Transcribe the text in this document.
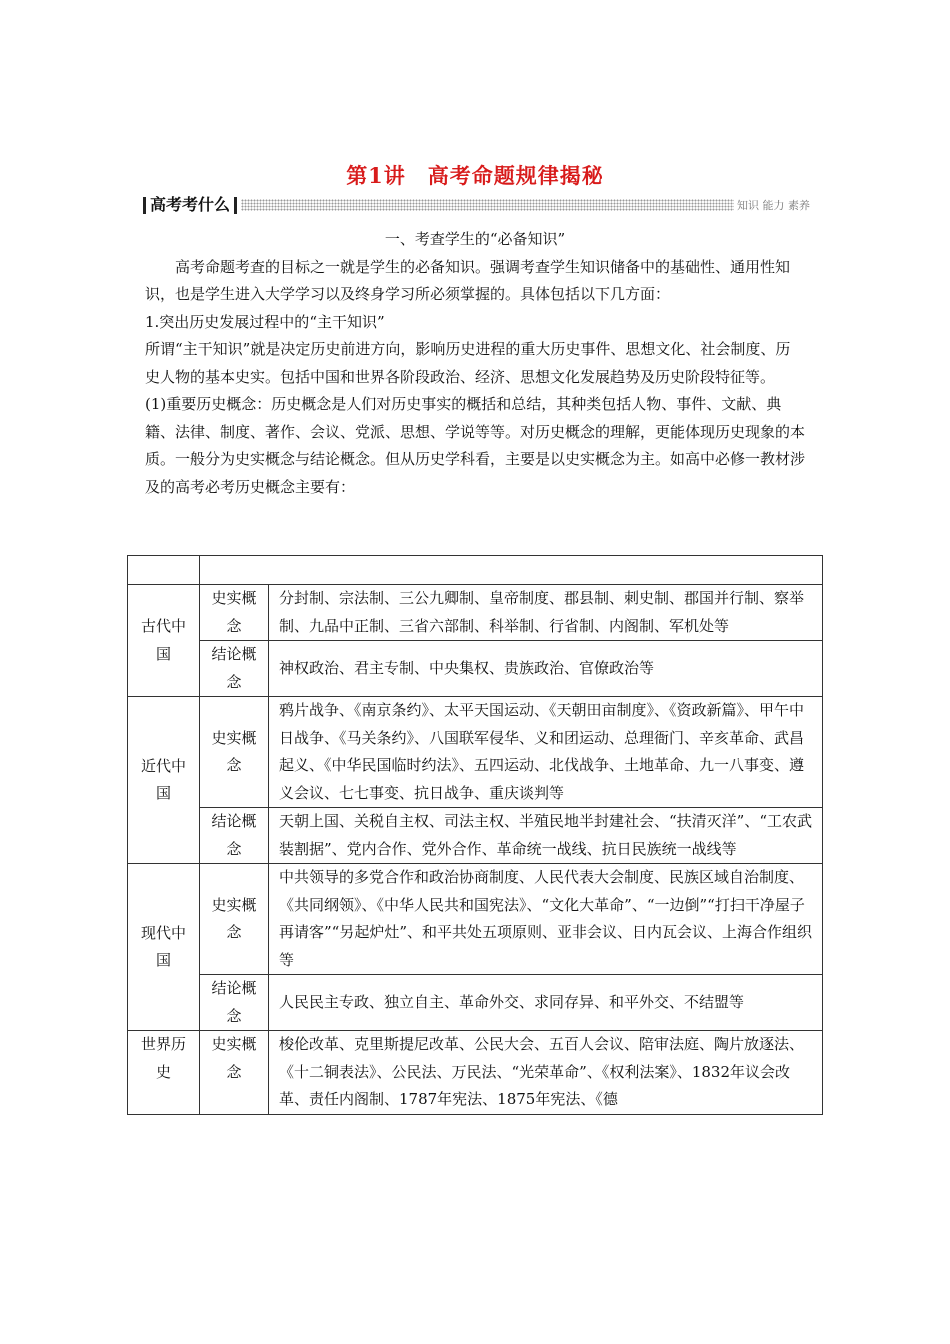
第1讲　高考命题规律揭秘
高考考什么	知识 能力 素养

一、考查学生的“必备知识”

高考命题考查的目标之一就是学生的必备知识。强调考查学生知识储备中的基础性、通用性知识，也是学生进入大学学习以及终身学习所必须掌握的。具体包括以下几方面：

1.突出历史发展过程中的“主干知识”

所谓“主干知识”就是决定历史前进方向，影响历史进程的重大历史事件、思想文化、社会制度、历史人物的基本史实。包括中国和世界各阶段政治、经济、思想文化发展趋势及历史阶段特征等。

(1)重要历史概念：历史概念是人们对历史事实的概括和总结，其种类包括人物、事件、文献、典籍、法律、制度、著作、会议、党派、思想、学说等等。对历史概念的理解，更能体现历史现象的本质。一般分为史实概念与结论概念。但从历史学科看，主要是以史实概念为主。如高中必修一教材涉及的高考必考历史概念主要有：

古代中国	史实概念	分封制、宗法制、三公九卿制、皇帝制度、郡县制、刺史制、郡国并行制、察举制、九品中正制、三省六部制、科举制、行省制、内阁制、军机处等
	结论概念	神权政治、君主专制、中央集权、贵族政治、官僚政治等
近代中国	史实概念	鸦片战争、《南京条约》、太平天国运动、《天朝田亩制度》、《资政新篇》、甲午中日战争、《马关条约》、八国联军侵华、义和团运动、总理衙门、辛亥革命、武昌起义、《中华民国临时约法》、五四运动、北伐战争、土地革命、九一八事变、遵义会议、七七事变、抗日战争、重庆谈判等
	结论概念	天朝上国、关税自主权、司法主权、半殖民地半封建社会、“扶清灭洋”、“工农武装割据”、党内合作、党外合作、革命统一战线、抗日民族统一战线等
现代中国	史实概念	中共领导的多党合作和政治协商制度、人民代表大会制度、民族区域自治制度、《共同纲领》、《中华人民共和国宪法》、“文化大革命”、“一边倒”“打扫干净屋子再请客”“另起炉灶”、和平共处五项原则、亚非会议、日内瓦会议、上海合作组织等
	结论概念	人民民主专政、独立自主、革命外交、求同存异、和平外交、不结盟等
世界历史	史实概念	梭伦改革、克里斯提尼改革、公民大会、五百人会议、陪审法庭、陶片放逐法、《十二铜表法》、公民法、万民法、“光荣革命”、《权利法案》、1832年议会改革、责任内阁制、1787年宪法、1875年宪法、《德
